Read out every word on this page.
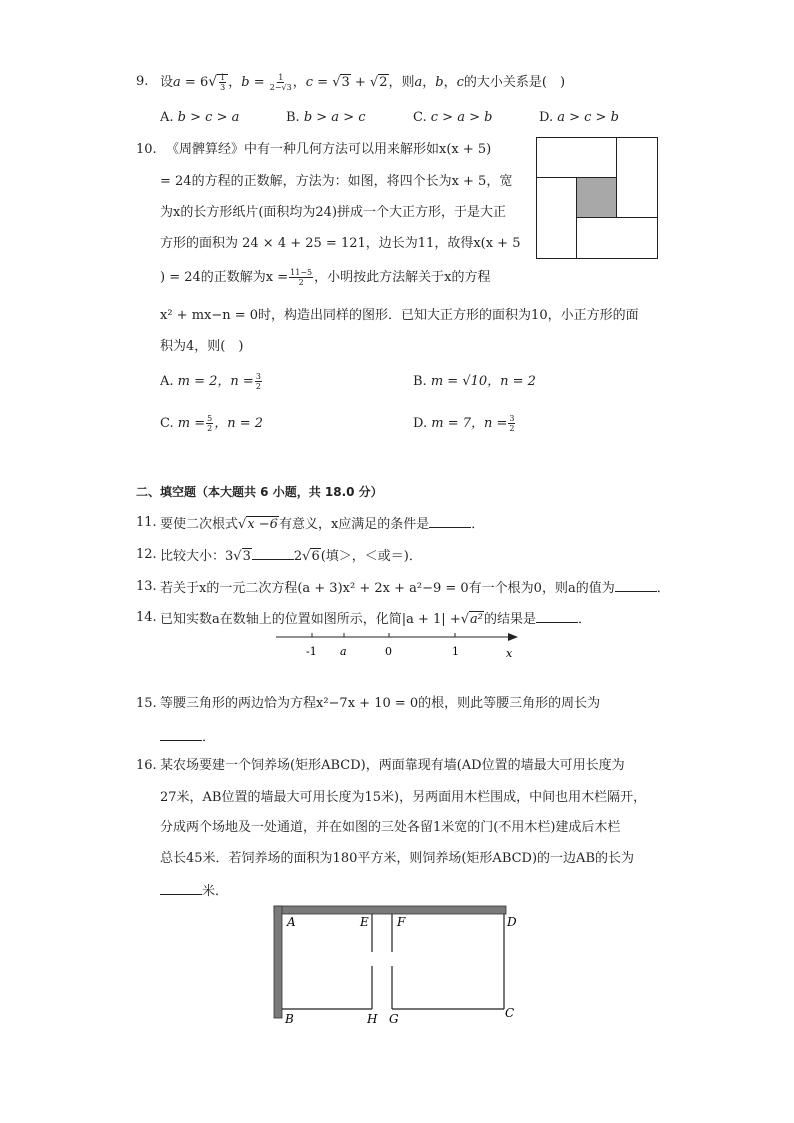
9. 设$a = 6√ \frac{1}{3}$ ，$b = \frac{1}{2-√3}$ ，c = √3 + √2，则a，b，c的大小关系是(　)
A. b > c > a	B. b > a > c	C. c > a > b	D. a > c > b
10. 《周髀算经》中有一种几何方法可以用来解形如x(x + 5)
= 24的方程的正数解，方法为：如图，将四个长为x + 5，宽
为x的长方形纸片(面积均为24)拼成一个大正方形，于是大正
方形的面积为 24 × 4 + 25 = 121，边长为11，故得x(x + 5
) = 24的正数解为$x = \frac{11-5}{2}$ ，小明按此方法解关于x的方程
x² + mx−n = 0时，构造出同样的图形．已知大正方形的面积为10，小正方形的面
积为4，则(　)
A. m = 2，$n = \frac{3}{2}$	B. m = √10，n = 2
C. $m = \frac{5}{2}$ ，n = 2	D. m = 7，$n = \frac{3}{2}$
二、填空题（本大题共 6 小题，共 18.0 分）
11. 要使二次根式√x −6有意义，x应满足的条件是	．
12. 比较大小：3√3	2√6(填＞，＜或＝)．
13. 若关于x的一元二次方程(a + 3)x² + 2x + a²−9 = 0有一个根为0，则a的值为	．
14. 已知实数a在数轴上的位置如图所示，化简|a + 1| +√a²的结果是	．
-1 a	0	1	x
15. 等腰三角形的两边恰为方程x²−7x + 10 = 0的根，则此等腰三角形的周长为
．
16. 某农场要建一个饲养场(矩形ABCD)，两面靠现有墙(AD位置的墙最大可用长度为
27米，AB位置的墙最大可用长度为15米)，另两面用木栏围成，中间也用木栏隔开，
分成两个场地及一处通道，并在如图的三处各留1米宽的门(不用木栏)建成后木栏
总长45米．若饲养场的面积为180平方米，则饲养场(矩形ABCD)的一边AB的长为
米．
A	E F	D
B	H G	C
